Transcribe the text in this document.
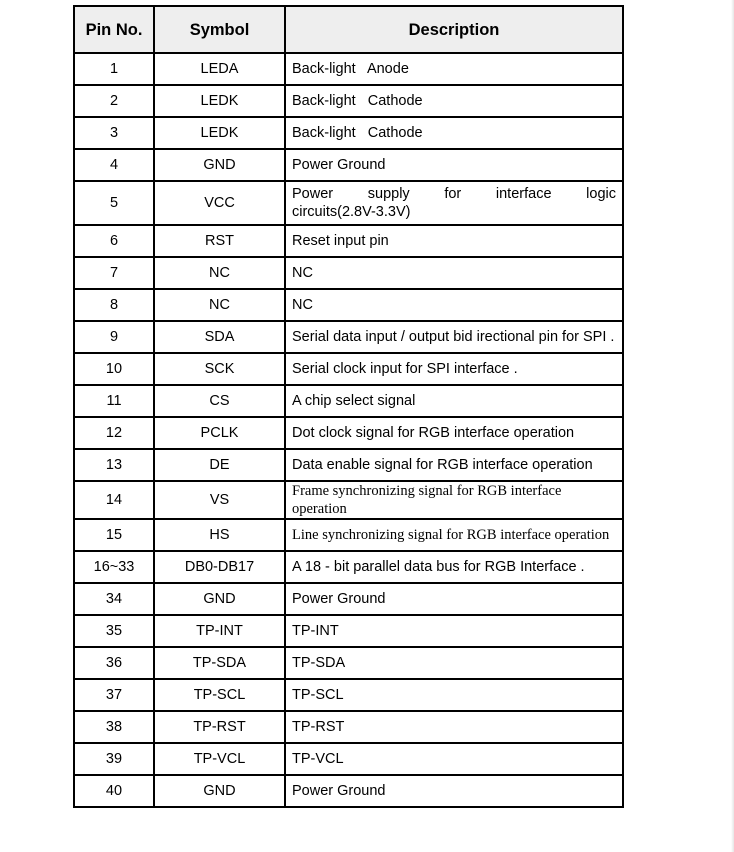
Pin No.	Symbol	Description
1	LEDA	Back-light   Anode
2	LEDK	Back-light   Cathode
3	LEDK	Back-light   Cathode
4	GND	Power Ground
5	VCC	Power supply for interface logic
circuits(2.8V-3.3V)
6	RST	Reset input pin
7	NC	NC
8	NC	NC
9	SDA	Serial data input / output bid irectional pin for SPI .
10	SCK	Serial clock input for SPI interface .
11	CS	A chip select signal
12	PCLK	Dot clock signal for RGB interface operation
13	DE	Data enable signal for RGB interface operation
14	VS	Frame synchronizing signal for RGB interface operation
15	HS	Line synchronizing signal for RGB interface operation
16~33	DB0-DB17	A 18 - bit parallel data bus for RGB Interface .
34	GND	Power Ground
35	TP-INT	TP-INT
36	TP-SDA	TP-SDA
37	TP-SCL	TP-SCL
38	TP-RST	TP-RST
39	TP-VCL	TP-VCL
40	GND	Power Ground
